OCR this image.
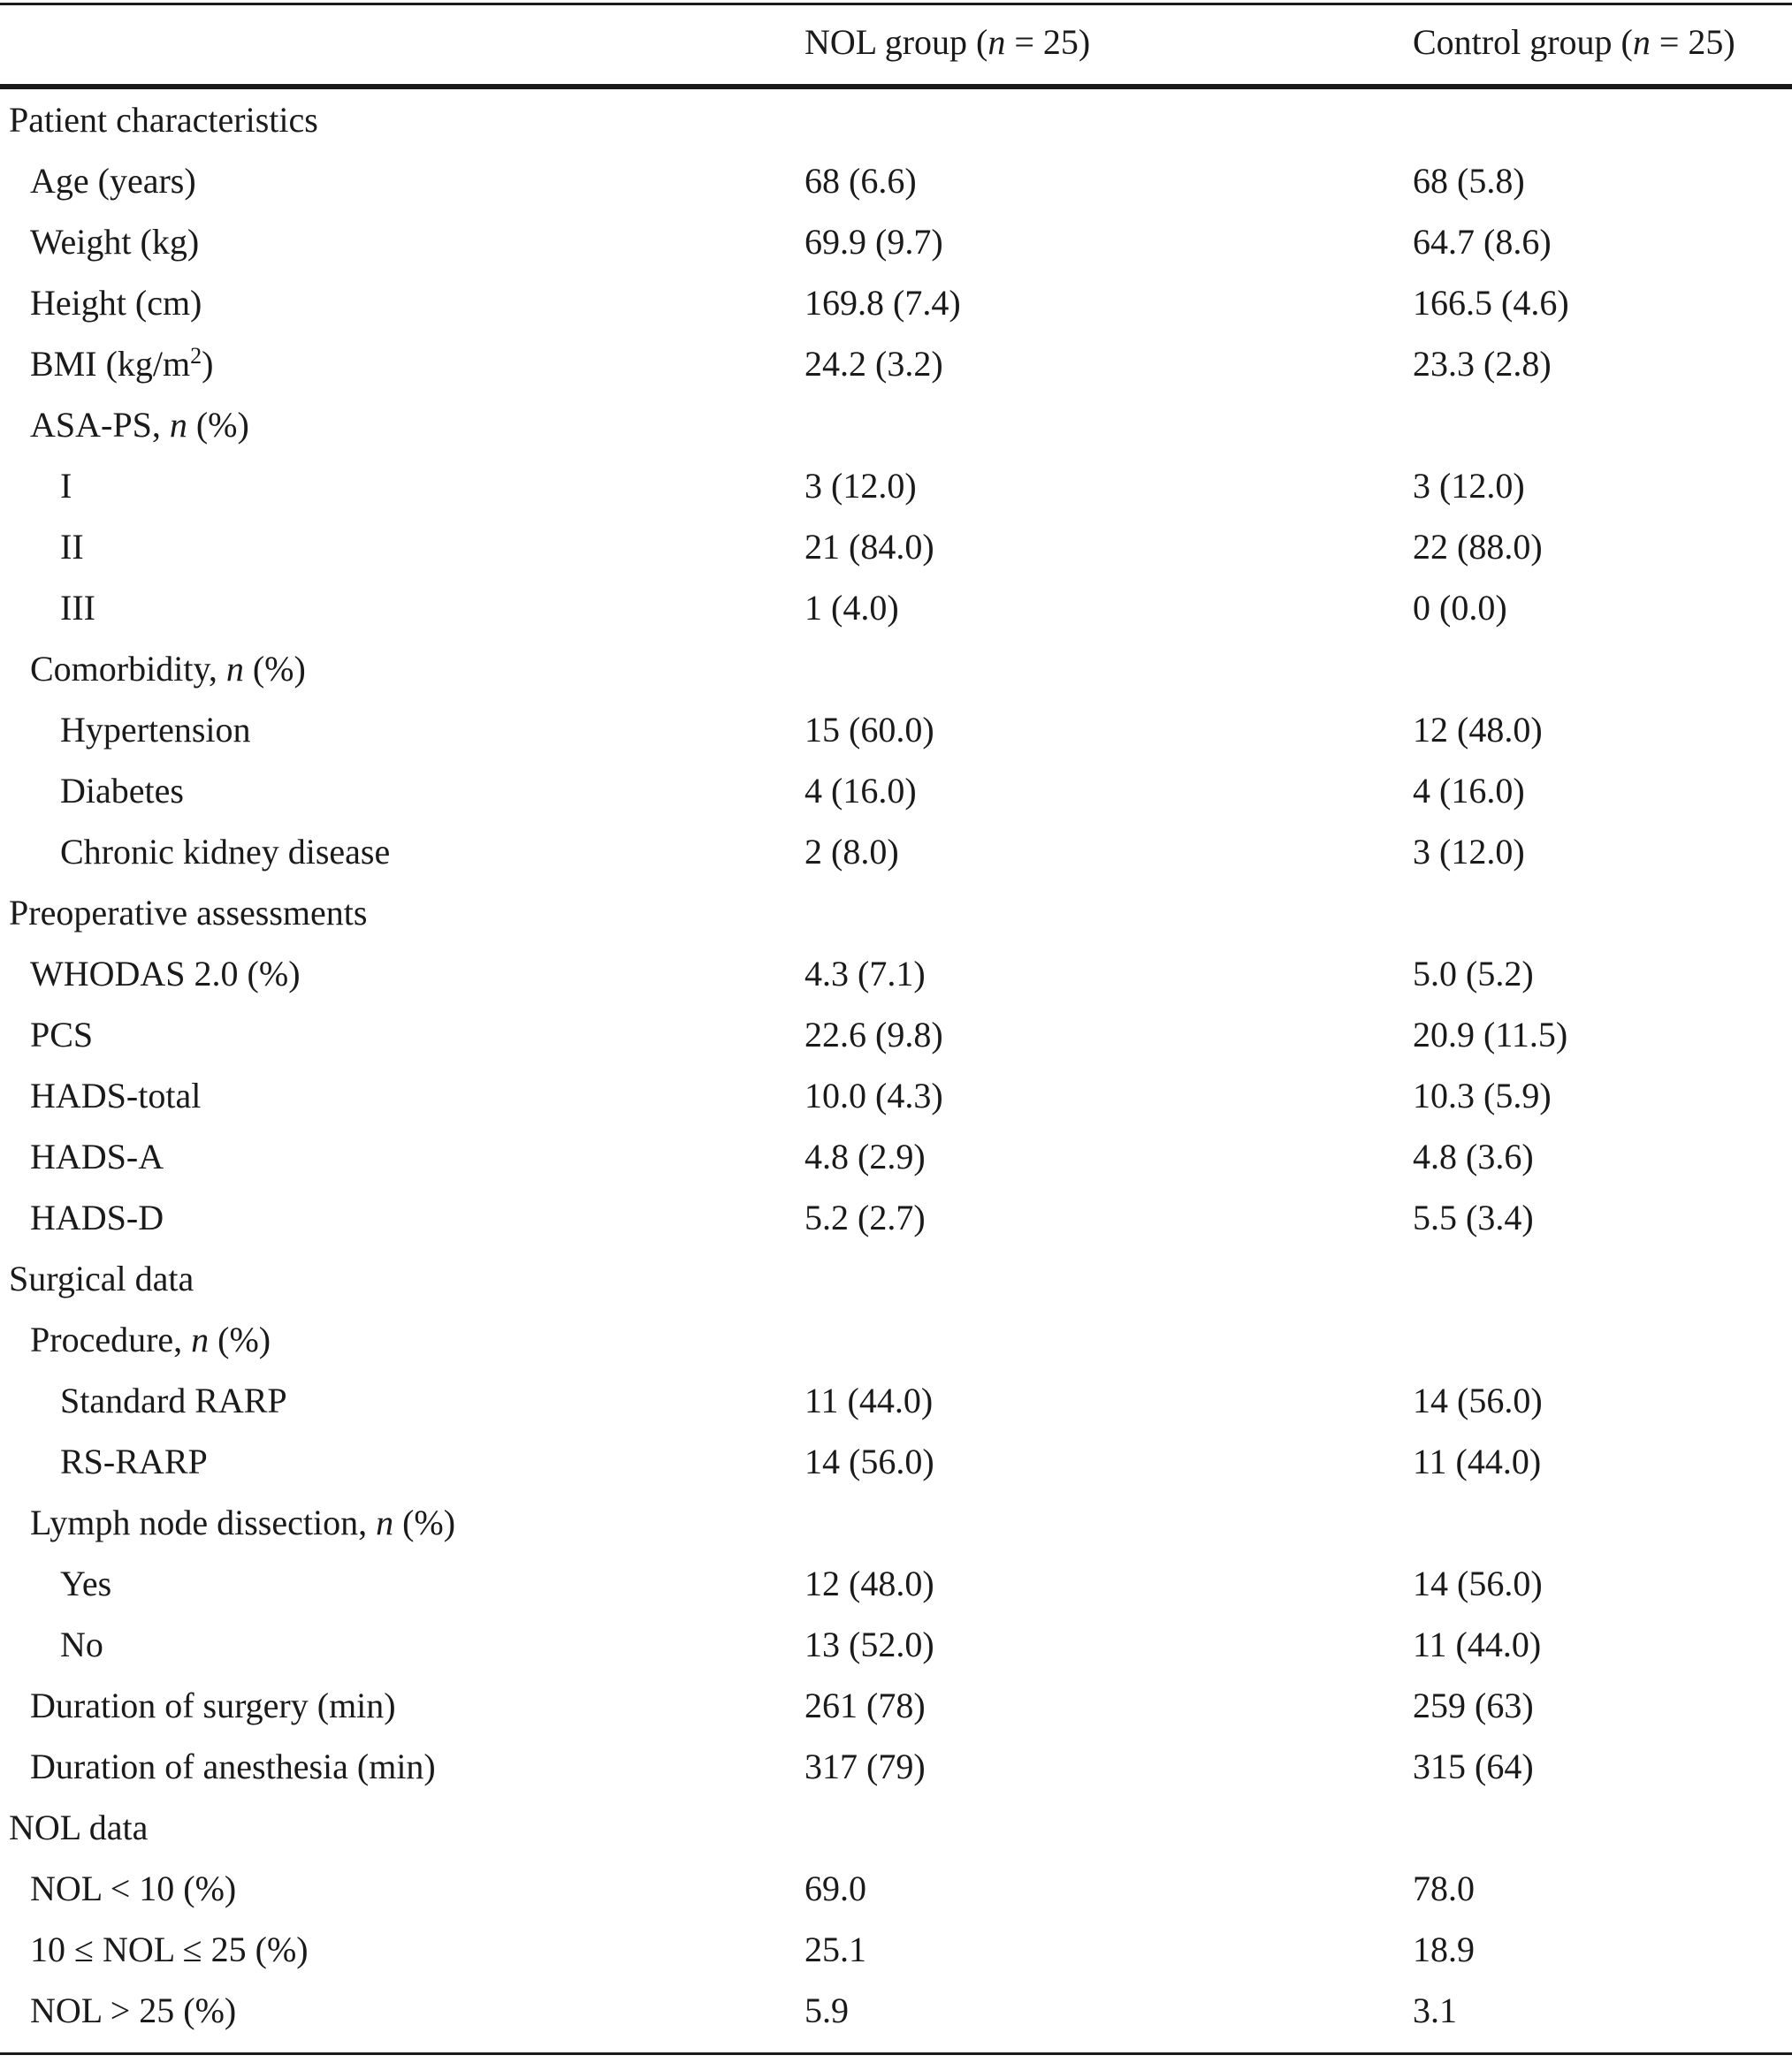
NOL group (n = 25)	Control group (n = 25)
Patient characteristics
Age (years)	68 (6.6)	68 (5.8)
Weight (kg)	69.9 (9.7)	64.7 (8.6)
Height (cm)	169.8 (7.4)	166.5 (4.6)
BMI $(kg/m^2)$	24.2 (3.2)	23.3 (2.8)
ASA-PS, n (%)
I	3 (12.0)	3 (12.0)
II	21 (84.0)	22 (88.0)
III	1 (4.0)	0 (0.0)
Comorbidity, n (%)
Hypertension	15 (60.0)	12 (48.0)
Diabetes	4 (16.0)	4 (16.0)
Chronic kidney disease	2 (8.0)	3 (12.0)
Preoperative assessments
WHODAS 2.0 (%)	4.3 (7.1)	5.0 (5.2)
PCS	22.6 (9.8)	20.9 (11.5)
HADS-total	10.0 (4.3)	10.3 (5.9)
HADS-A	4.8 (2.9)	4.8 (3.6)
HADS-D	5.2 (2.7)	5.5 (3.4)
Surgical data
Procedure, n (%)
Standard RARP	11 (44.0)	14 (56.0)
RS-RARP	14 (56.0)	11 (44.0)
Lymph node dissection, n (%)
Yes	12 (48.0)	14 (56.0)
No	13 (52.0)	11 (44.0)
Duration of surgery (min)	261 (78)	259 (63)
Duration of anesthesia (min)	317 (79)	315 (64)
NOL data
NOL < 10 (%)	69.0	78.0
10 ≤ NOL ≤ 25 (%)	25.1	18.9
NOL > 25 (%)	5.9	3.1
